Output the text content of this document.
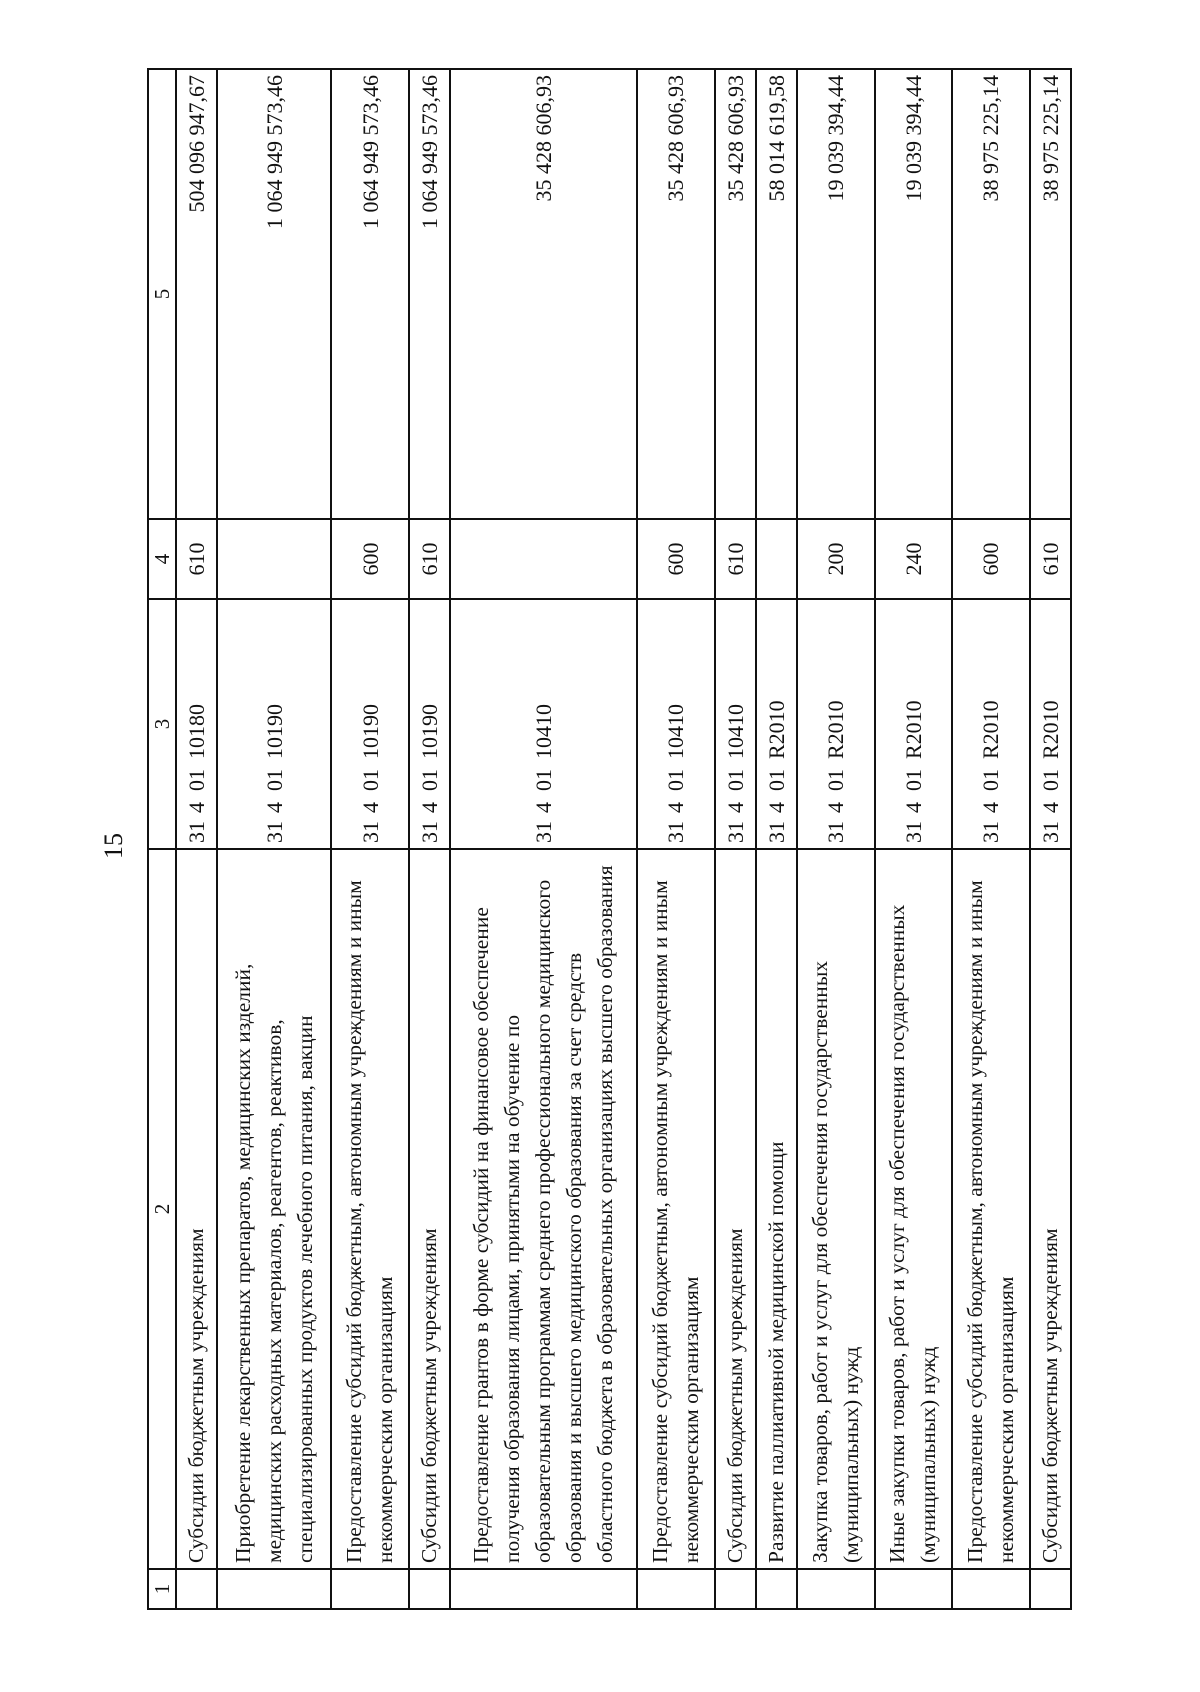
15
1	2	3	4	5
	Субсидии бюджетным учреждениям	3140110180	610	504 096 947,67
	Приобретение лекарственных препаратов, медицинских изделий, медицинских расходных материалов, реагентов, реактивов, специализированных продуктов лечебного питания, вакцин	3140110190		1 064 949 573,46
	Предоставление субсидий бюджетным, автономным учреждениям и иным некоммерческим организациям	3140110190	600	1 064 949 573,46
	Субсидии бюджетным учреждениям	3140110190	610	1 064 949 573,46
	Предоставление грантов в форме субсидий на финансовое обеспечение получения образования лицами, принятыми на обучение по образовательным программам среднего профессионального медицинского образования и высшего медицинского образования за счет средств областного бюджета в образовательных организациях высшего образования	3140110410		35 428 606,93
	Предоставление субсидий бюджетным, автономным учреждениям и иным некоммерческим организациям	3140110410	600	35 428 606,93
	Субсидии бюджетным учреждениям	3140110410	610	35 428 606,93
	Развитие паллиативной медицинской помощи	31401R2010		58 014 619,58
	Закупка товаров, работ и услуг для обеспечения государственных (муниципальных) нужд	31401R2010	200	19 039 394,44
	Иные закупки товаров, работ и услуг для обеспечения государственных (муниципальных) нужд	31401R2010	240	19 039 394,44
	Предоставление субсидий бюджетным, автономным учреждениям и иным некоммерческим организациям	31401R2010	600	38 975 225,14
	Субсидии бюджетным учреждениям	31401R2010	610	38 975 225,14
